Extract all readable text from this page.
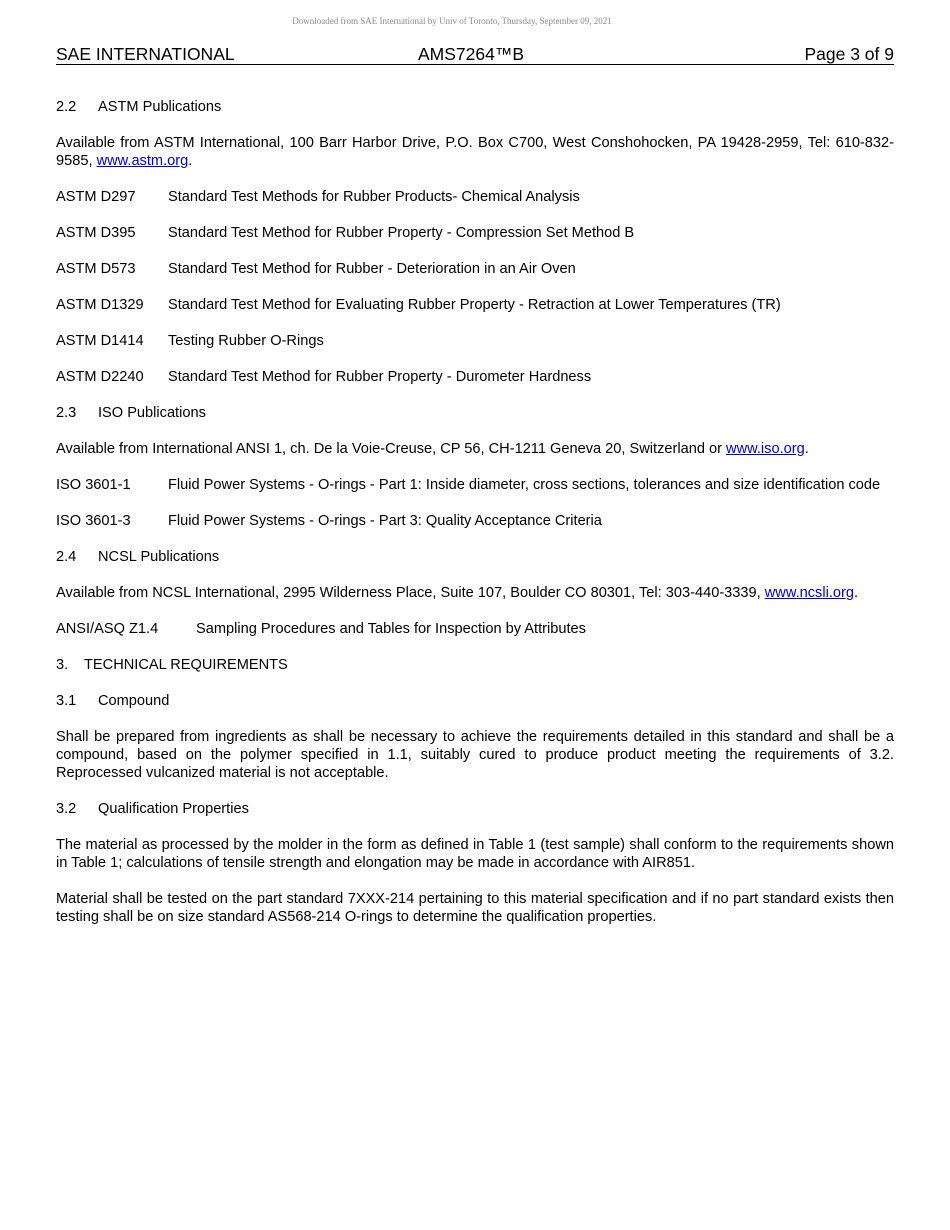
Downloaded from SAE International by Univ of Toronto, Thursday, September 09, 2021
SAE INTERNATIONAL	AMS7264™B	Page 3 of 9
2.2	ASTM Publications

Available from ASTM International, 100 Barr Harbor Drive, P.O. Box C700, West Conshohocken, PA 19428-2959, Tel: 610-832-9585, www.astm.org.

ASTM D297	Standard Test Methods for Rubber Products- Chemical Analysis
ASTM D395	Standard Test Method for Rubber Property - Compression Set Method B
ASTM D573	Standard Test Method for Rubber - Deterioration in an Air Oven
ASTM D1329	Standard Test Method for Evaluating Rubber Property - Retraction at Lower Temperatures (TR)
ASTM D1414	Testing Rubber O-Rings
ASTM D2240	Standard Test Method for Rubber Property - Durometer Hardness
2.3	ISO Publications

Available from International ANSI 1, ch. De la Voie-Creuse, CP 56, CH-1211 Geneva 20, Switzerland or www.iso.org.

ISO 3601-1	Fluid Power Systems - O-rings - Part 1: Inside diameter, cross sections, tolerances and size identification code
ISO 3601-3	Fluid Power Systems - O-rings - Part 3: Quality Acceptance Criteria
2.4	NCSL Publications

Available from NCSL International, 2995 Wilderness Place, Suite 107, Boulder CO 80301, Tel: 303-440-3339, www.ncsli.org.

ANSI/ASQ Z1.4	Sampling Procedures and Tables for Inspection by Attributes
3.	TECHNICAL REQUIREMENTS
3.1	Compound

Shall be prepared from ingredients as shall be necessary to achieve the requirements detailed in this standard and shall be a compound, based on the polymer specified in 1.1, suitably cured to produce product meeting the requirements of 3.2. Reprocessed vulcanized material is not acceptable.

3.2	Qualification Properties

The material as processed by the molder in the form as defined in Table 1 (test sample) shall conform to the requirements shown in Table 1; calculations of tensile strength and elongation may be made in accordance with AIR851.

Material shall be tested on the part standard 7XXX-214 pertaining to this material specification and if no part standard exists then testing shall be on size standard AS568-214 O-rings to determine the qualification properties.
